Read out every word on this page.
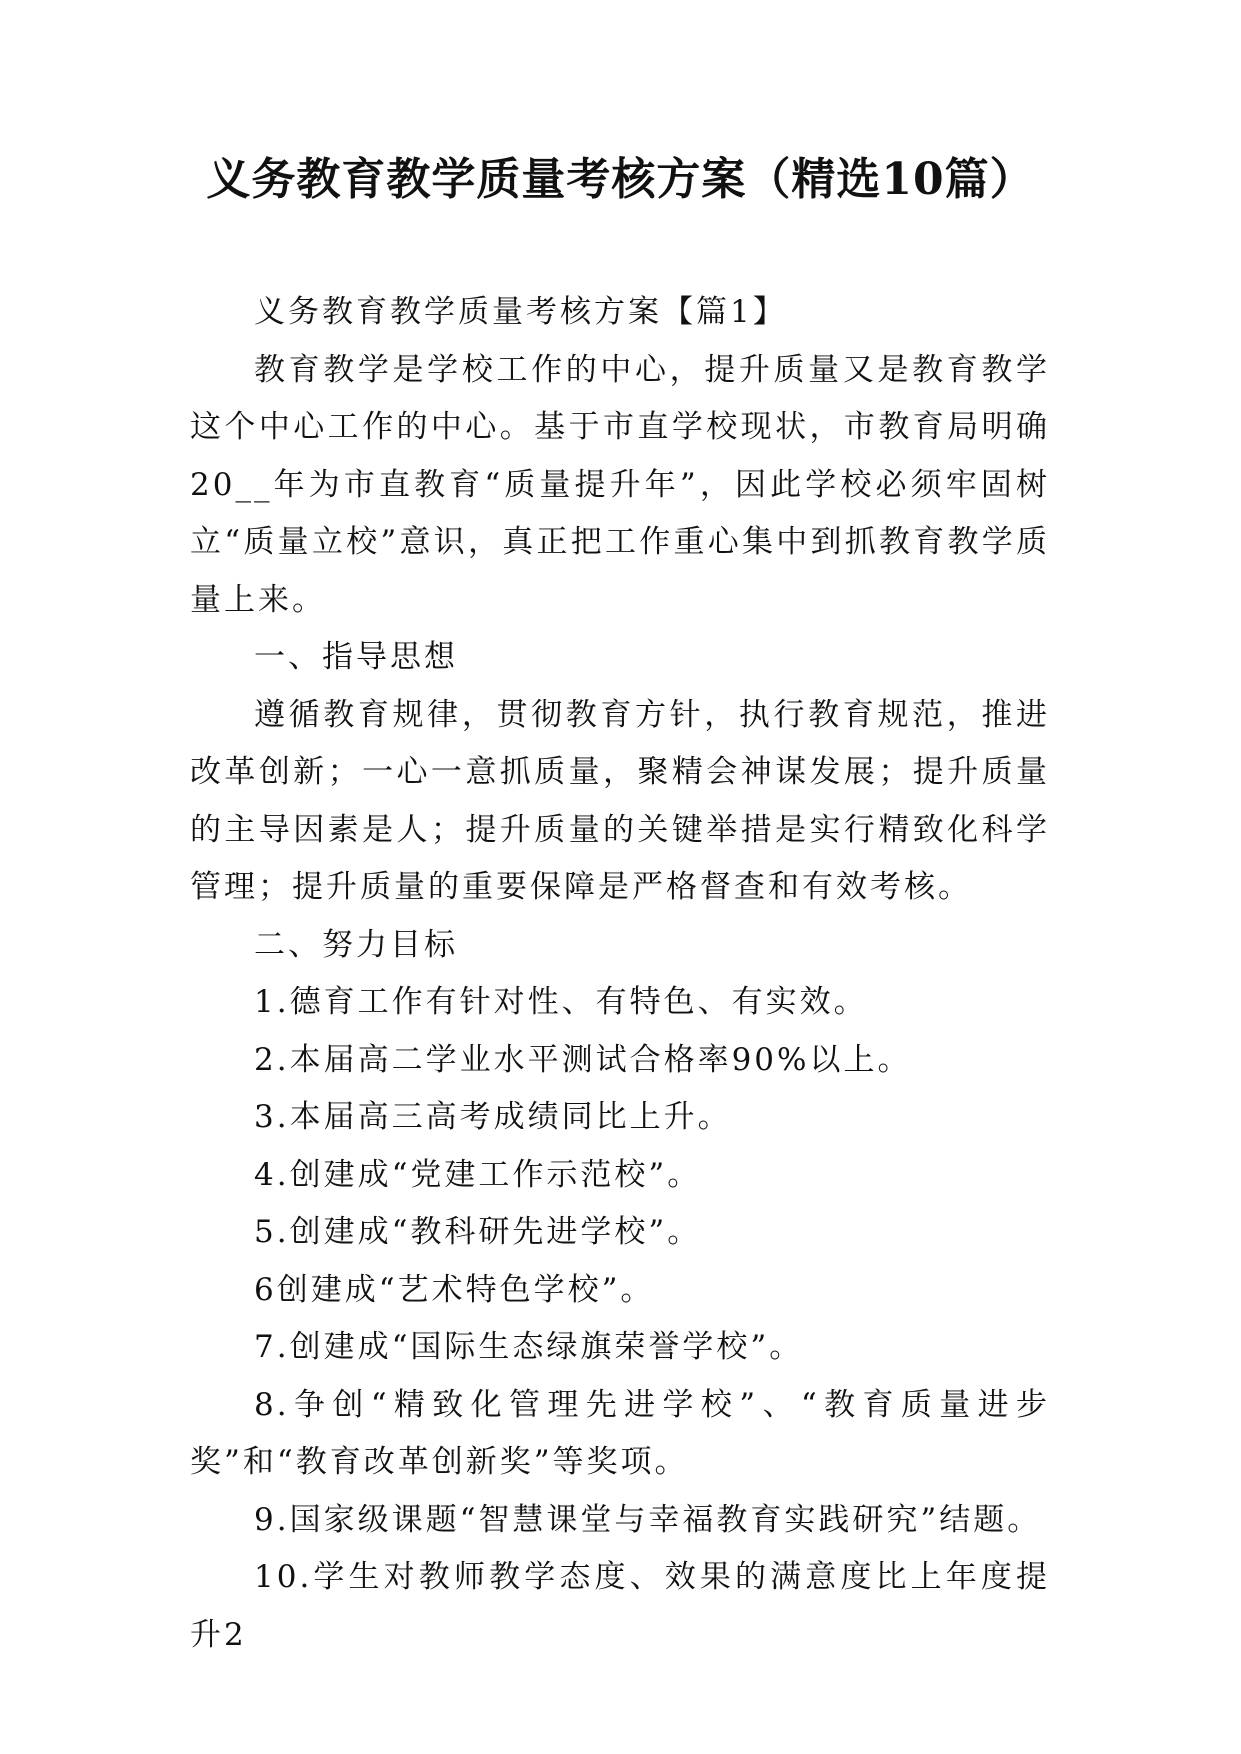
义务教育教学质量考核方案（精选10篇）

义务教育教学质量考核方案【篇1】

教育教学是学校工作的中心，提升质量又是教育教学这个中心工作的中心。基于市直学校现状，市教育局明确20__年为市直教育“质量提升年”，因此学校必须牢固树立“质量立校”意识，真正把工作重心集中到抓教育教学质量上来。

一、指导思想

遵循教育规律，贯彻教育方针，执行教育规范，推进改革创新；一心一意抓质量，聚精会神谋发展；提升质量的主导因素是人；提升质量的关键举措是实行精致化科学管理；提升质量的重要保障是严格督查和有效考核。

二、努力目标

1.德育工作有针对性、有特色、有实效。

2.本届高二学业水平测试合格率90%以上。

3.本届高三高考成绩同比上升。

4.创建成“党建工作示范校”。

5.创建成“教科研先进学校”。

6创建成“艺术特色学校”。

7.创建成“国际生态绿旗荣誉学校”。

8.争创“精致化管理先进学校”、“教育质量进步奖”和“教育改革创新奖”等奖项。

9.国家级课题“智慧课堂与幸福教育实践研究”结题。

10.学生对教师教学态度、效果的满意度比上年度提升2
